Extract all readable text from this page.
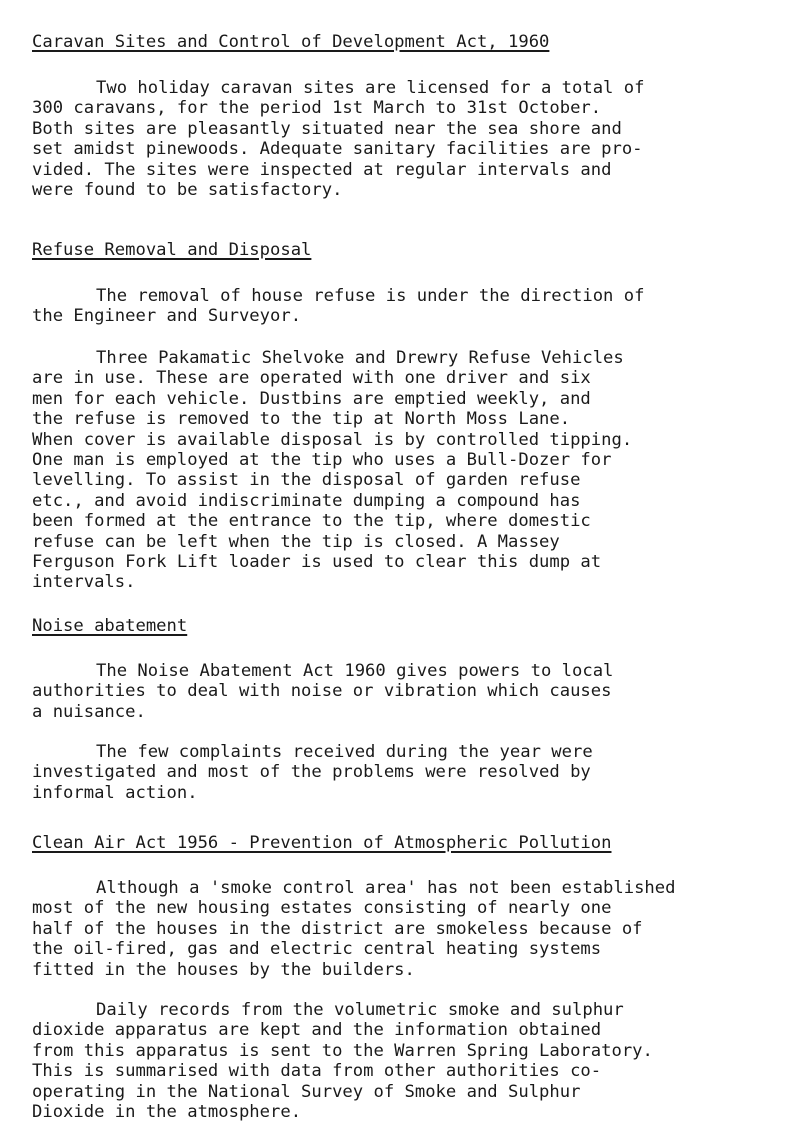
Caravan Sites and Control of Development Act, 1960

Two holiday caravan sites are licensed for a total of
300 caravans, for the period 1st March to 31st October.
Both sites are pleasantly situated near the sea shore and
set amidst pinewoods. Adequate sanitary facilities are pro-
vided. The sites were inspected at regular intervals and
were found to be satisfactory.

Refuse Removal and Disposal

The removal of house refuse is under the direction of
the Engineer and Surveyor.

Three Pakamatic Shelvoke and Drewry Refuse Vehicles
are in use. These are operated with one driver and six
men for each vehicle. Dustbins are emptied weekly, and
the refuse is removed to the tip at North Moss Lane.
When cover is available disposal is by controlled tipping.
One man is employed at the tip who uses a Bull-Dozer for
levelling. To assist in the disposal of garden refuse
etc., and avoid indiscriminate dumping a compound has
been formed at the entrance to the tip, where domestic
refuse can be left when the tip is closed. A Massey
Ferguson Fork Lift loader is used to clear this dump at
intervals.

Noise abatement

The Noise Abatement Act 1960 gives powers to local
authorities to deal with noise or vibration which causes
a nuisance.

The few complaints received during the year were
investigated and most of the problems were resolved by
informal action.

Clean Air Act 1956 - Prevention of Atmospheric Pollution

Although a 'smoke control area' has not been established
most of the new housing estates consisting of nearly one
half of the houses in the district are smokeless because of
the oil-fired, gas and electric central heating systems
fitted in the houses by the builders.

Daily records from the volumetric smoke and sulphur
dioxide apparatus are kept and the information obtained
from this apparatus is sent to the Warren Spring Laboratory.
This is summarised with data from other authorities co-
operating in the National Survey of Smoke and Sulphur
Dioxide in the atmosphere.
